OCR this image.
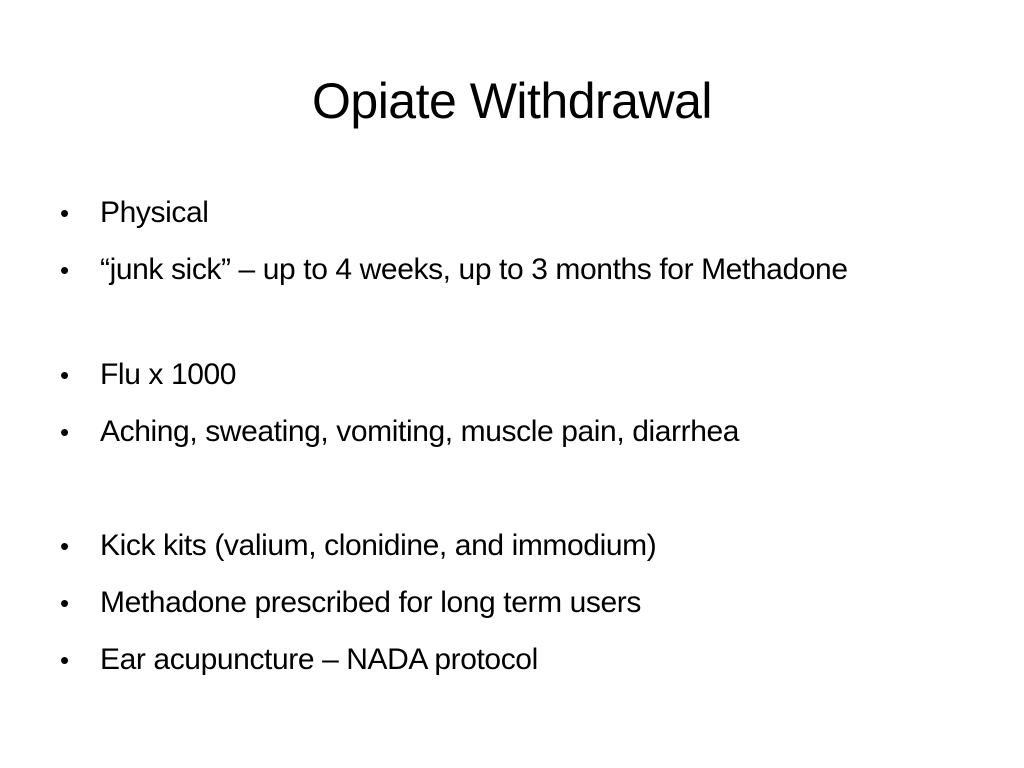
Opiate Withdrawal
•	Physical
•	“junk sick” – up to 4 weeks, up to 3 months for Methadone
•	Flu x 1000
•	Aching, sweating, vomiting, muscle pain, diarrhea
•	Kick kits (valium, clonidine, and immodium)
•	Methadone prescribed for long term users
•	Ear acupuncture – NADA protocol
